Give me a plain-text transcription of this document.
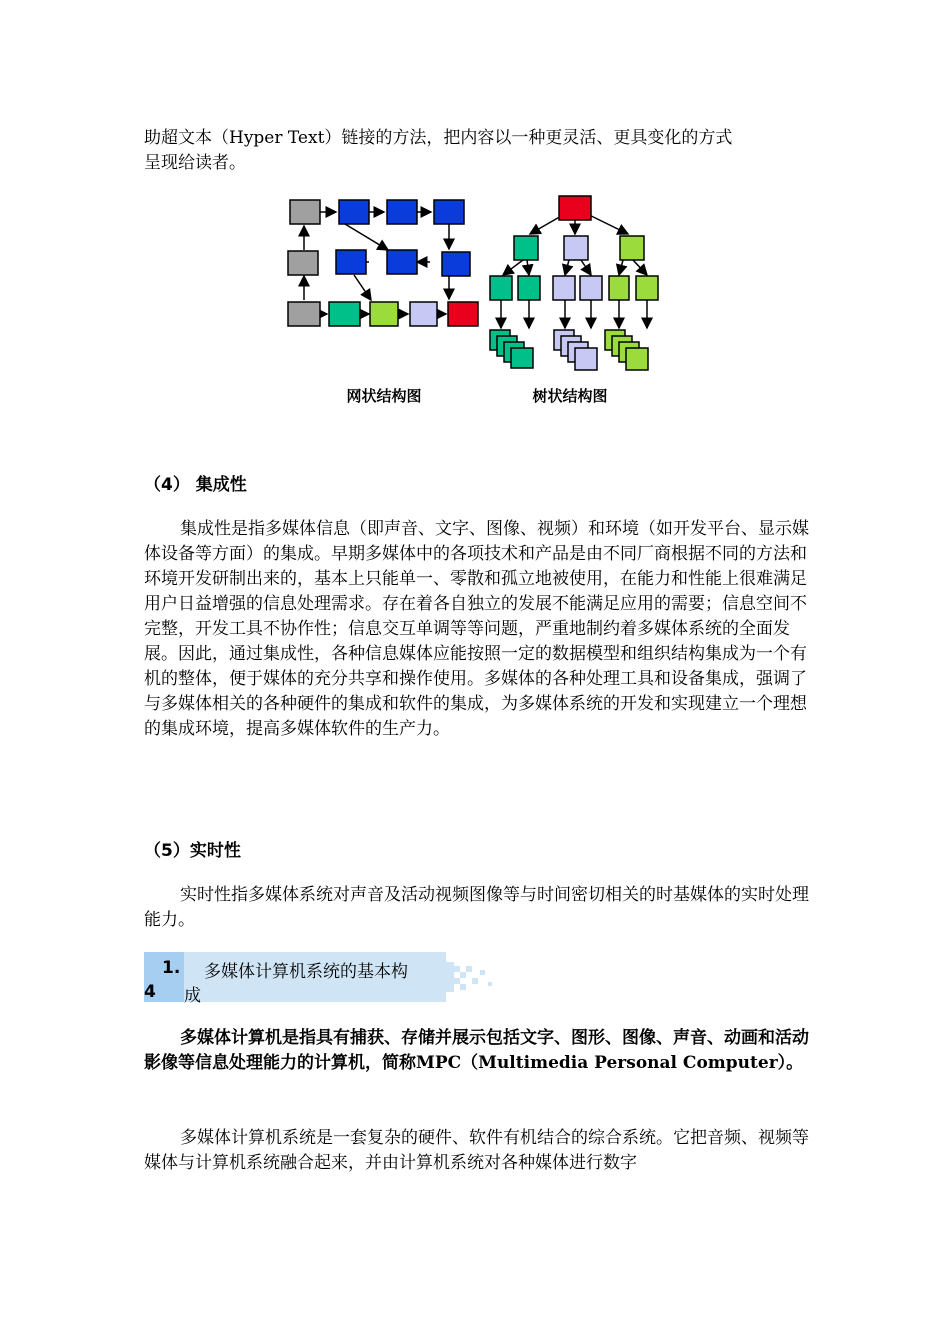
助超文本（Hyper Text）链接的方法，把内容以一种更灵活、更具变化的方式

呈现给读者。

网状结构图	树状结构图

（4） 集成性

集成性是指多媒体信息（即声音、文字、图像、视频）和环境（如开发平台、显示媒体设备等方面）的集成。早期多媒体中的各项技术和产品是由不同厂商根据不同的方法和环境开发研制出来的，基本上只能单一、零散和孤立地被使用，在能力和性能上很难满足用户日益增强的信息处理需求。存在着各自独立的发展不能满足应用的需要；信息空间不完整，开发工具不协作性；信息交互单调等等问题，严重地制约着多媒体系统的全面发展。因此，通过集成性，各种信息媒体应能按照一定的数据模型和组织结构集成为一个有机的整体，便于媒体的充分共享和操作使用。多媒体的各种处理工具和设备集成，强调了与多媒体相关的各种硬件的集成和软件的集成，为多媒体系统的开发和实现建立一个理想的集成环境，提高多媒体软件的生产力。

（5）实时性

实时性指多媒体系统对声音及活动视频图像等与时间密切相关的时基媒体的实时处理能力。

1.
4
多媒体计算机系统的基本构
成

多媒体计算机是指具有捕获、存储并展示包括文字、图形、图像、声音、动画和活动影像等信息处理能力的计算机，简称MPC（Multimedia Personal Computer）。

多媒体计算机系统是一套复杂的硬件、软件有机结合的综合系统。它把音频、视频等媒体与计算机系统融合起来，并由计算机系统对各种媒体进行数字
